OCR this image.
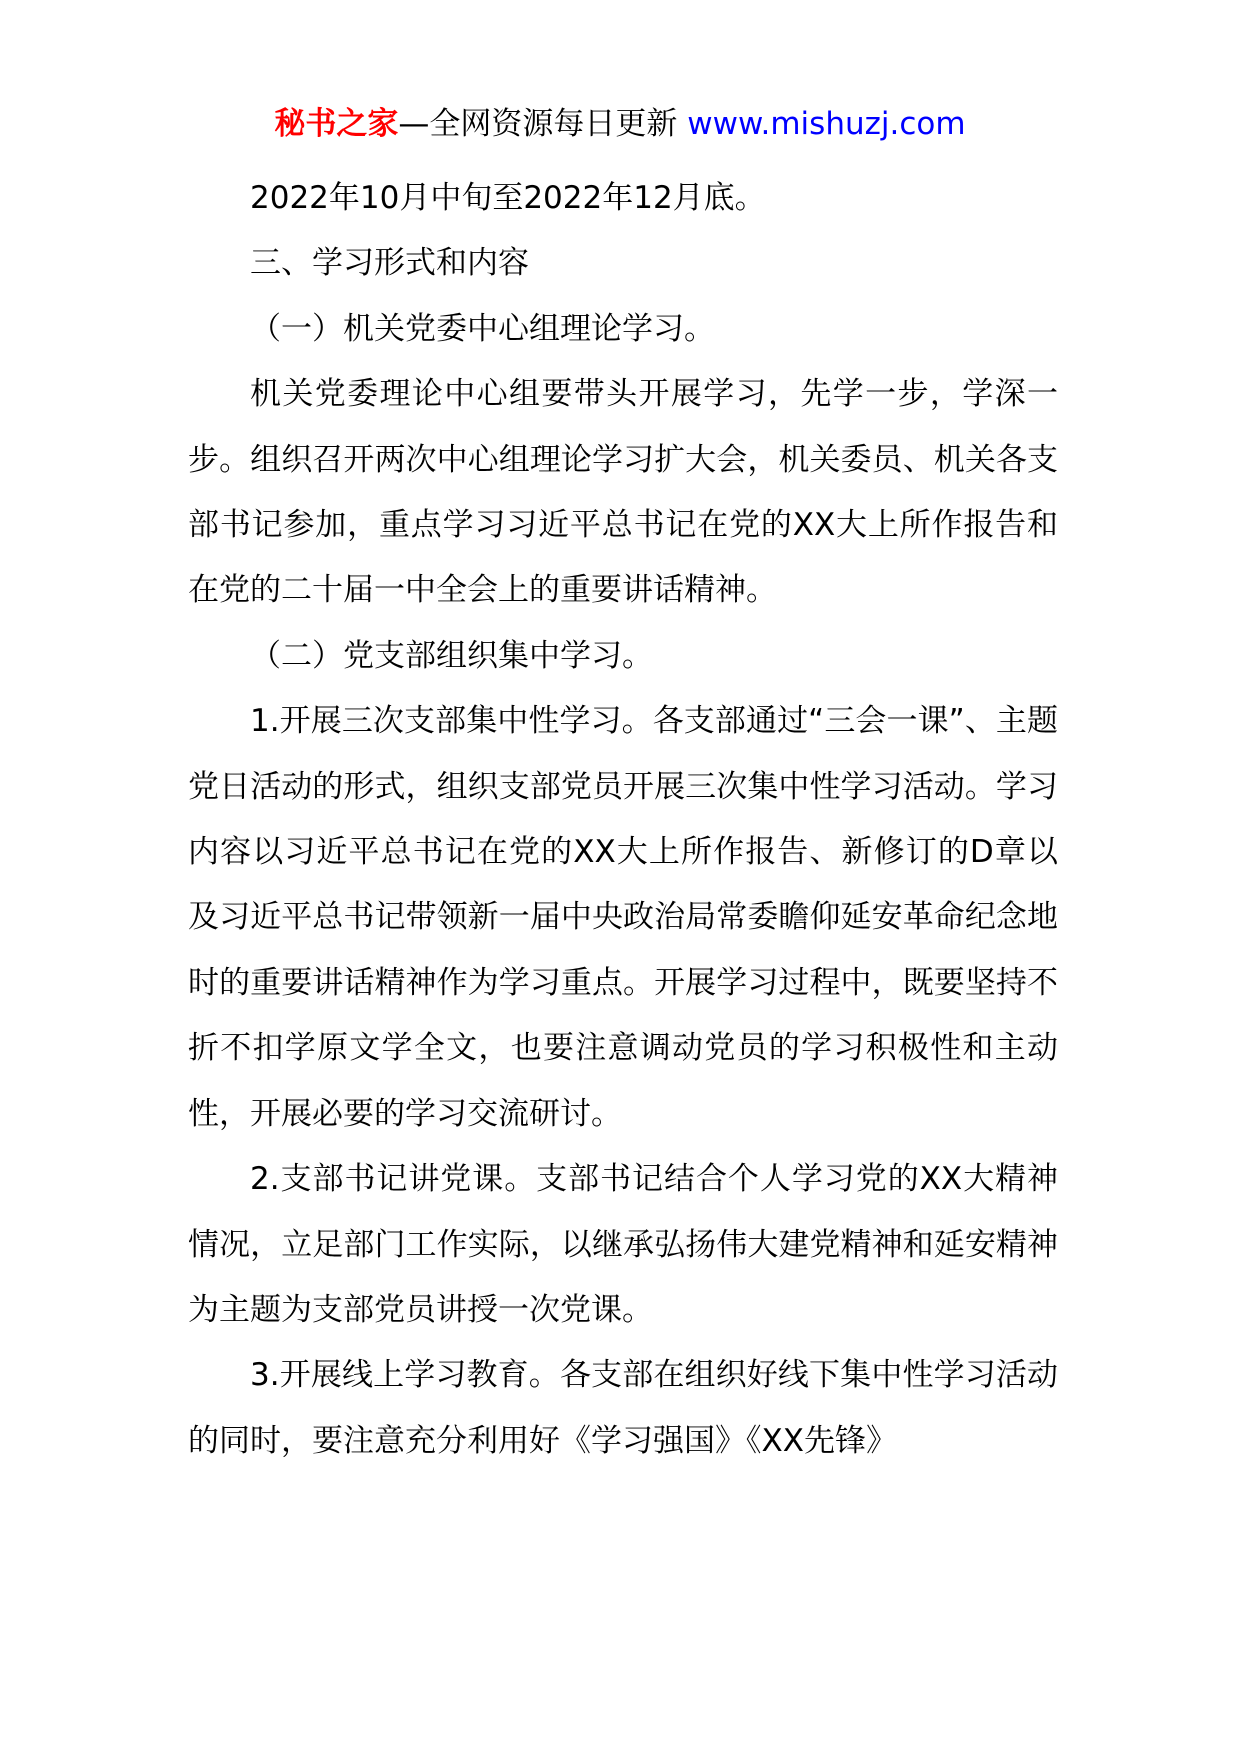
秘书之家—全网资源每日更新 www.mishuzj.com

2022年10月中旬至2022年12月底。

三、学习形式和内容

（一）机关党委中心组理论学习。

机关党委理论中心组要带头开展学习，先学一步，学深一步。组织召开两次中心组理论学习扩大会，机关委员、机关各支部书记参加，重点学习习近平总书记在党的XX大上所作报告和在党的二十届一中全会上的重要讲话精神。

（二）党支部组织集中学习。

1.开展三次支部集中性学习。各支部通过“三会一课”、主题党日活动的形式，组织支部党员开展三次集中性学习活动。学习内容以习近平总书记在党的XX大上所作报告、新修订的D章以及习近平总书记带领新一届中央政治局常委瞻仰延安革命纪念地时的重要讲话精神作为学习重点。开展学习过程中，既要坚持不折不扣学原文学全文，也要注意调动党员的学习积极性和主动性，开展必要的学习交流研讨。

2.支部书记讲党课。支部书记结合个人学习党的XX大精神情况，立足部门工作实际，以继承弘扬伟大建党精神和延安精神为主题为支部党员讲授一次党课。

3.开展线上学习教育。各支部在组织好线下集中性学习活动的同时，要注意充分利用好《学习强国》《XX先锋》
